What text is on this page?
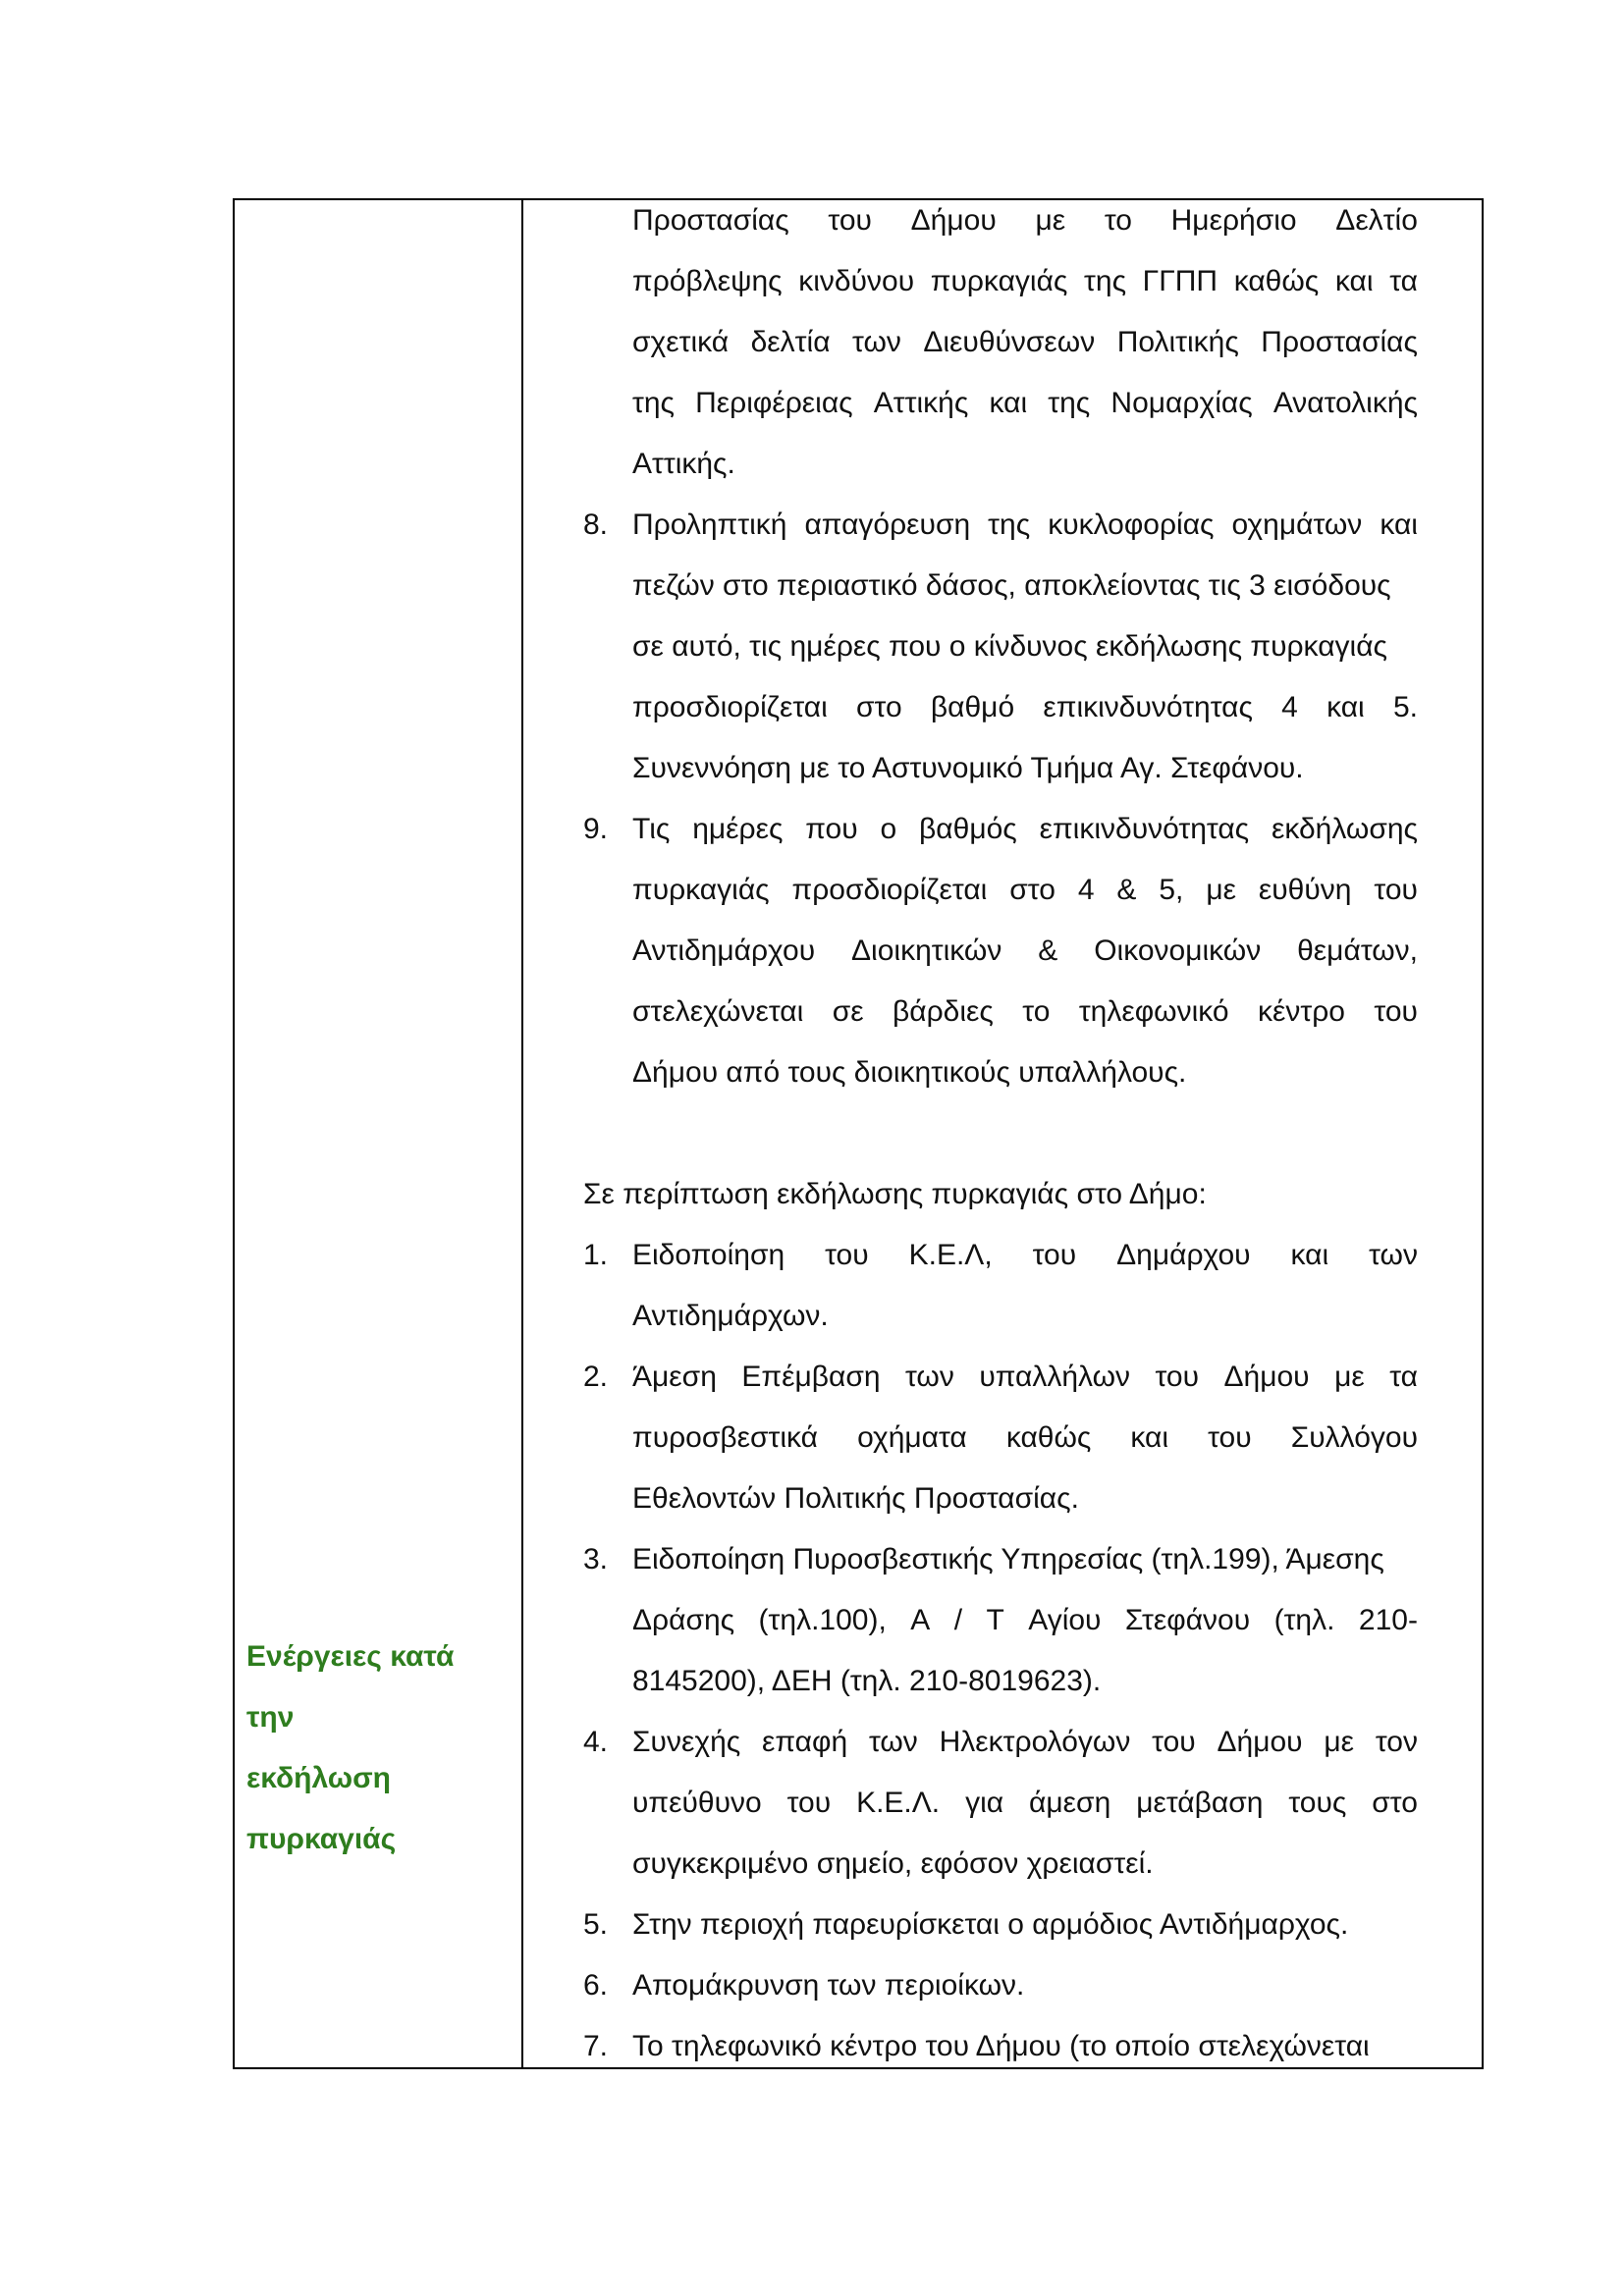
Ενέργειες κατά
την
εκδήλωση
πυρκαγιάς
Προστασίας του Δήμου με το Ημερήσιο Δελτίο
πρόβλεψης κινδύνου πυρκαγιάς της ΓΓΠΠ καθώς και τα
σχετικά δελτία των Διευθύνσεων Πολιτικής Προστασίας
της Περιφέρειας Αττικής και της Νομαρχίας Ανατολικής
Αττικής.
8. Προληπτική απαγόρευση της κυκλοφορίας οχημάτων και
πεζών στο περιαστικό δάσος, αποκλείοντας τις 3 εισόδους
σε αυτό, τις ημέρες που ο κίνδυνος εκδήλωσης πυρκαγιάς
προσδιορίζεται στο βαθμό επικινδυνότητας 4 και 5.
Συνεννόηση με το Αστυνομικό Τμήμα Αγ. Στεφάνου.
9. Τις ημέρες που ο βαθμός επικινδυνότητας εκδήλωσης
πυρκαγιάς προσδιορίζεται στο 4 & 5, με ευθύνη του
Αντιδημάρχου Διοικητικών & Οικονομικών θεμάτων,
στελεχώνεται σε βάρδιες το τηλεφωνικό κέντρο του
Δήμου από τους διοικητικούς υπαλλήλους.
Σε περίπτωση εκδήλωσης πυρκαγιάς στο Δήμο:
1. Ειδοποίηση του Κ.Ε.Λ, του Δημάρχου και των
Αντιδημάρχων.
2. Άμεση Επέμβαση των υπαλλήλων του Δήμου με τα
πυροσβεστικά οχήματα καθώς και του Συλλόγου
Εθελοντών Πολιτικής Προστασίας.
3. Ειδοποίηση Πυροσβεστικής Υπηρεσίας (τηλ.199), Άμεσης
Δράσης (τηλ.100), Α / Τ Αγίου Στεφάνου (τηλ. 210-
8145200), ΔΕΗ (τηλ. 210-8019623).
4. Συνεχής επαφή των Ηλεκτρολόγων του Δήμου με τον
υπεύθυνο του Κ.Ε.Λ. για άμεση μετάβαση τους στο
συγκεκριμένο σημείο, εφόσον χρειαστεί.
5. Στην περιοχή παρευρίσκεται ο αρμόδιος Αντιδήμαρχος.
6. Απομάκρυνση των περιοίκων.
7. Το τηλεφωνικό κέντρο του Δήμου (το οποίο στελεχώνεται
